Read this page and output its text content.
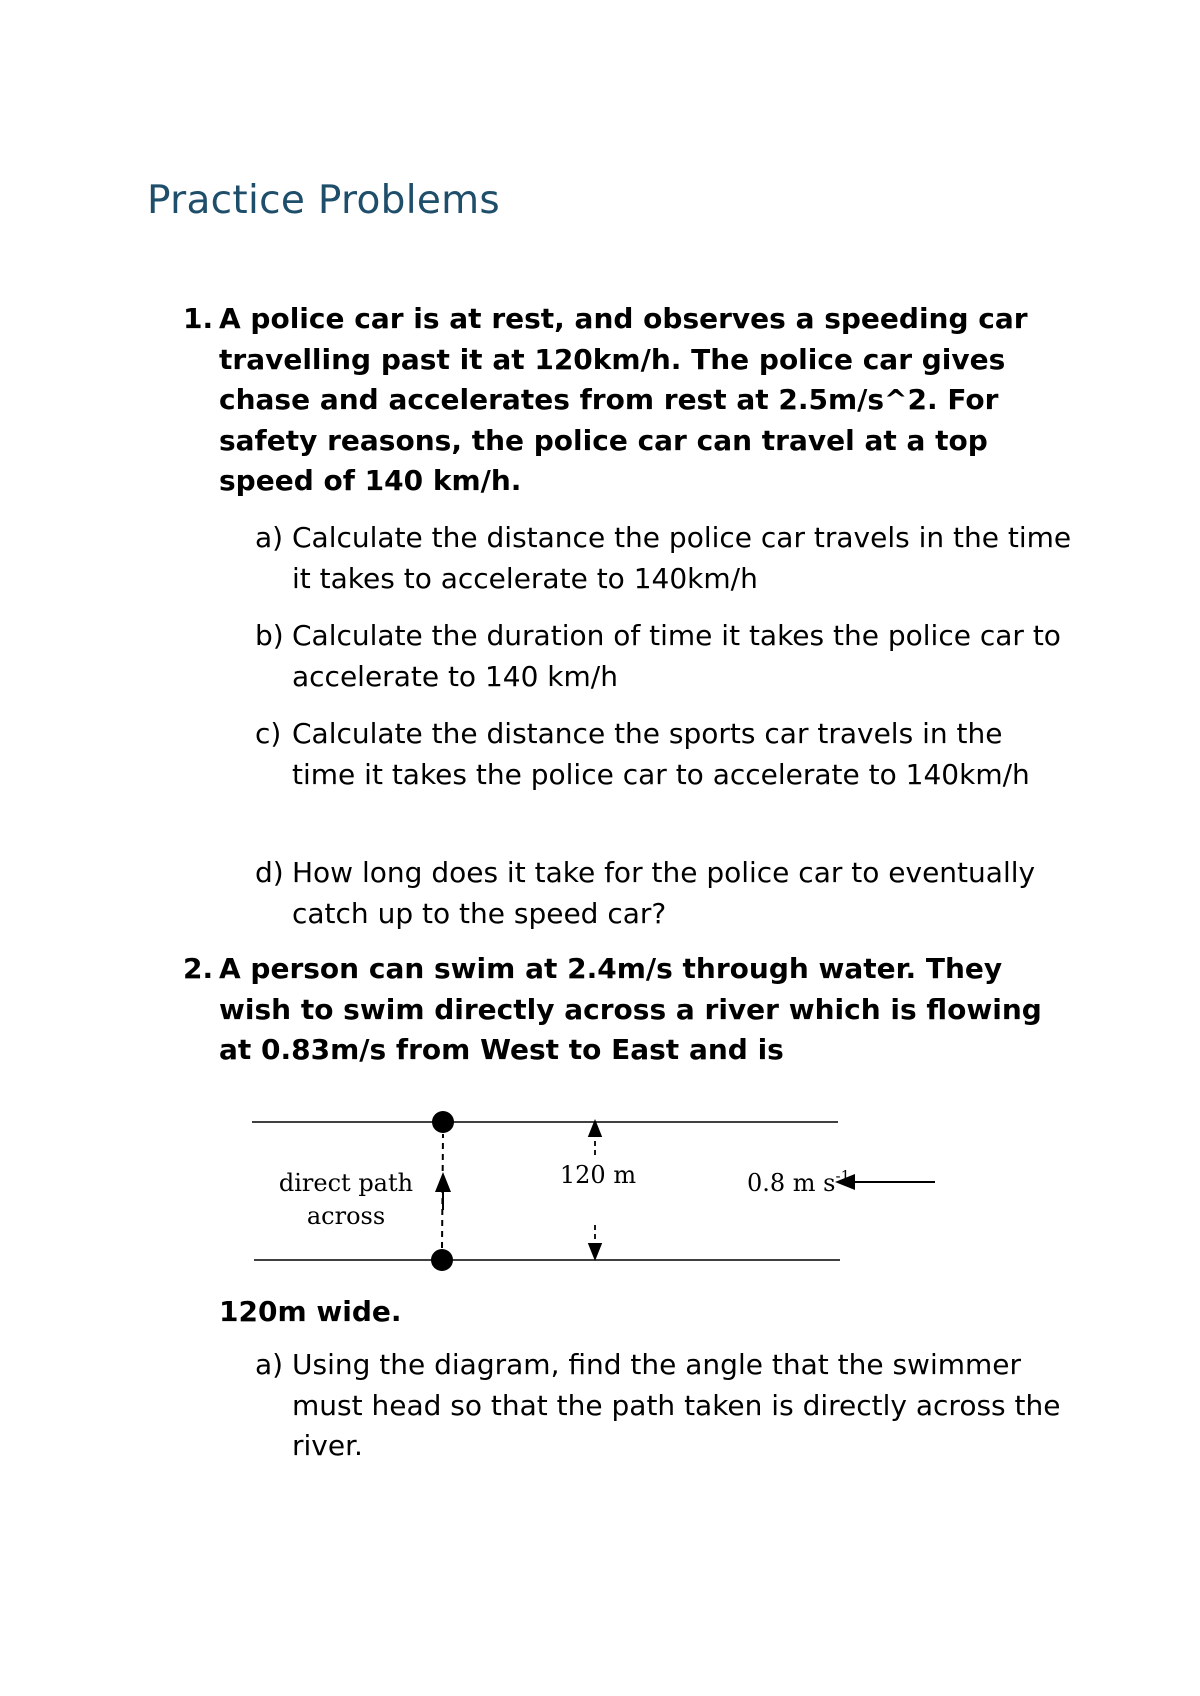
Practice Problems
1. A police car is at rest, and observes a speeding car travelling past it at 120km/h. The police car gives chase and accelerates from rest at 2.5m/s^2. For safety reasons, the police car can travel at a top speed of 140 km/h.
a) Calculate the distance the police car travels in the time it takes to accelerate to 140km/h
b) Calculate the duration of time it takes the police car to accelerate to 140 km/h
c) Calculate the distance the sports car travels in the time it takes the police car to accelerate to 140km/h
d) How long does it take for the police car to eventually catch up to the speed car?
2. A person can swim at 2.4m/s through water. They wish to swim directly across a river which is flowing at 0.83m/s from West to East and is
direct path
across
120 m	0.8 m $s^{-1}$
120m wide.
a) Using the diagram, find the angle that the swimmer must head so that the path taken is directly across the river.
